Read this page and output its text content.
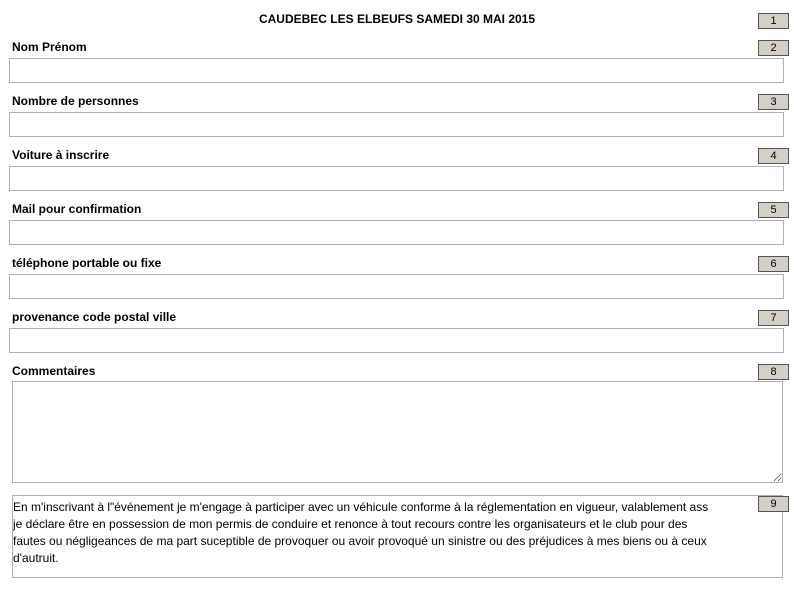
CAUDEBEC LES ELBEUFS SAMEDI 30 MAI 2015	1
Nom Prénom	2
Nombre de personnes	3
Voiture à inscrire	4
Mail pour confirmation	5
téléphone portable ou fixe	6
provenance code postal ville	7
Commentaires	8
En m'inscrivant à l"événement je m'engage à participer avec un véhicule conforme à la réglementation en vigueur, valablement ass
je déclare être en possession de mon permis de conduire et renonce à tout recours contre les organisateurs et le club pour des
fautes ou négligeances de ma part suceptible de provoquer ou avoir provoqué un sinistre ou des préjudices à mes biens ou à ceux
d'autruit.
9
